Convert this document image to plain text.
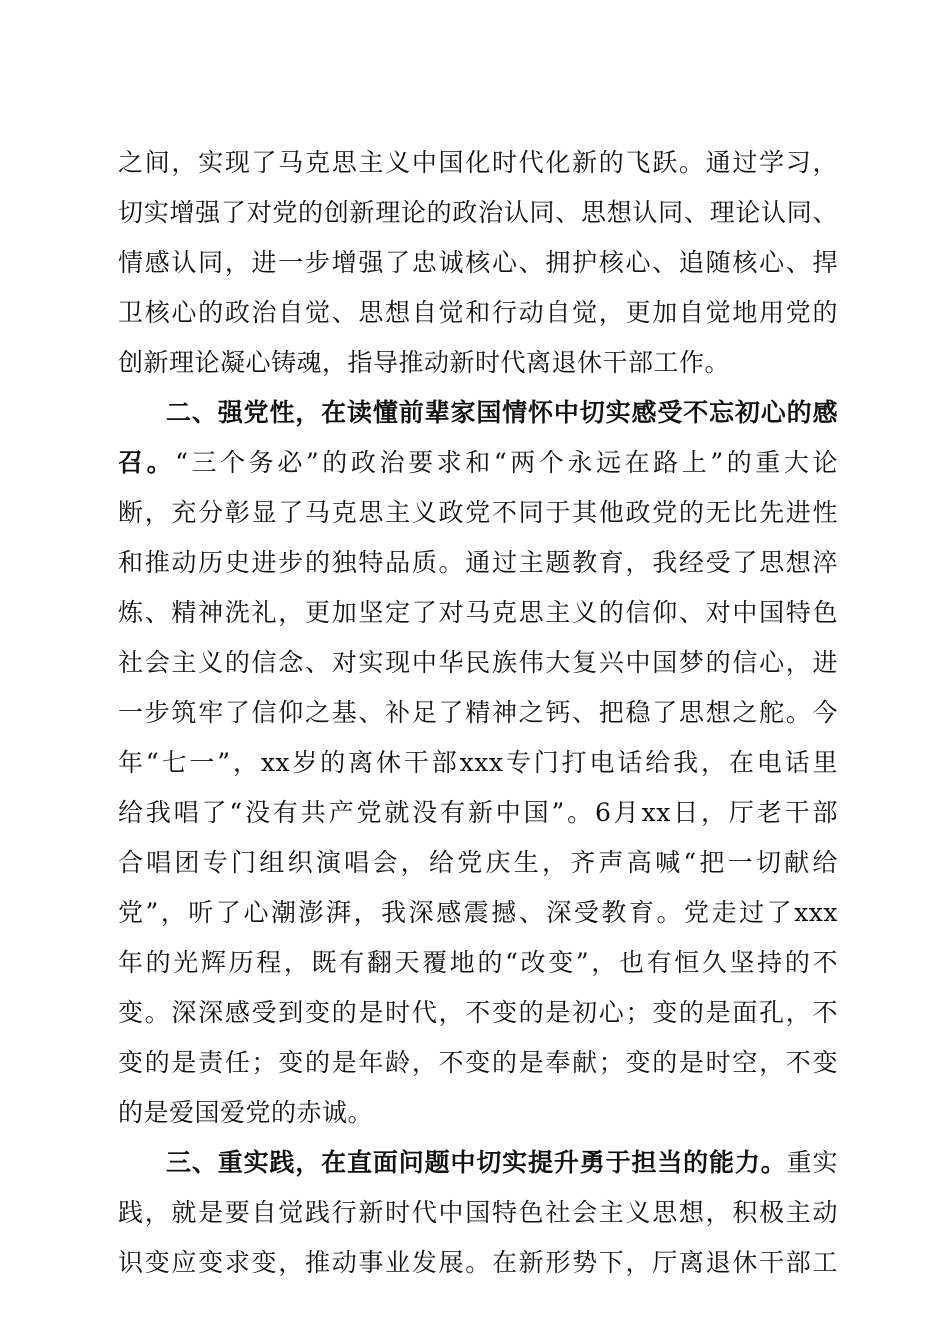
之间，实现了马克思主义中国化时代化新的飞跃。通过学习，
切实增强了对党的创新理论的政治认同、思想认同、理论认同、
情感认同，进一步增强了忠诚核心、拥护核心、追随核心、捍
卫核心的政治自觉、思想自觉和行动自觉，更加自觉地用党的
创新理论凝心铸魂，指导推动新时代离退休干部工作。
二、强党性，在读懂前辈家国情怀中切实感受不忘初心的感
召。“三个务必”的政治要求和“两个永远在路上”的重大论
断，充分彰显了马克思主义政党不同于其他政党的无比先进性
和推动历史进步的独特品质。通过主题教育，我经受了思想淬
炼、精神洗礼，更加坚定了对马克思主义的信仰、对中国特色
社会主义的信念、对实现中华民族伟大复兴中国梦的信心，进
一步筑牢了信仰之基、补足了精神之钙、把稳了思想之舵。今
年“七一”，xx岁的离休干部xxx专门打电话给我，在电话里
给我唱了“没有共产党就没有新中国”。6月xx日，厅老干部
合唱团专门组织演唱会，给党庆生，齐声高喊“把一切献给
党”，听了心潮澎湃，我深感震撼、深受教育。党走过了xxx
年的光辉历程，既有翻天覆地的“改变”，也有恒久坚持的不
变。深深感受到变的是时代，不变的是初心；变的是面孔，不
变的是责任；变的是年龄，不变的是奉献；变的是时空，不变
的是爱国爱党的赤诚。
三、重实践，在直面问题中切实提升勇于担当的能力。重实
践，就是要自觉践行新时代中国特色社会主义思想，积极主动
识变应变求变，推动事业发展。在新形势下，厅离退休干部工
